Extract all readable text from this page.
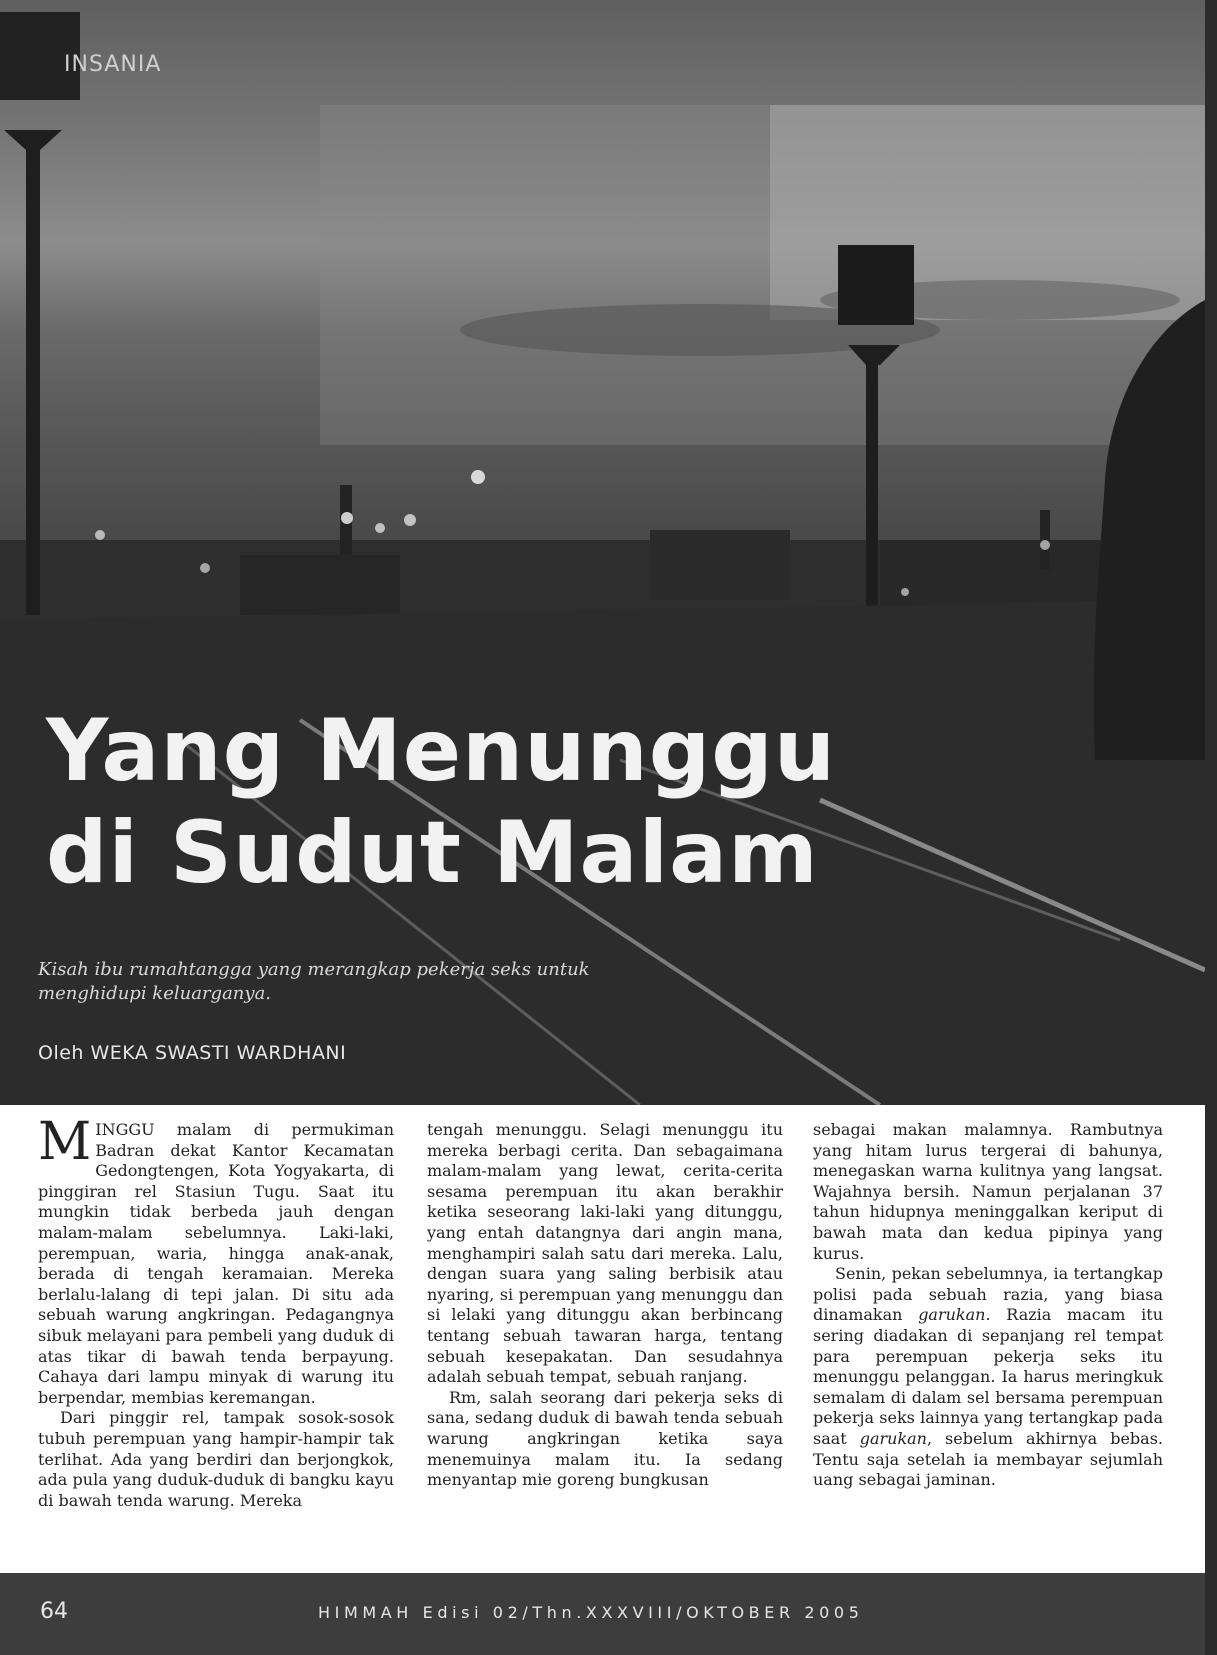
INSANIA
Yang Menunggu
di Sudut Malam

Kisah ibu rumahtangga yang merangkap pekerja seks untuk menghidupi keluarganya.

Oleh WEKA SWASTI WARDHANI

MINGGU malam di permukiman Badran dekat Kantor Kecamatan Gedongtengen, Kota Yogyakarta, di pinggiran rel Stasiun Tugu. Saat itu mungkin tidak berbeda jauh dengan malam-malam sebelumnya. Laki-laki, perempuan, waria, hingga anak-anak, berada di tengah keramaian. Mereka berlalu-lalang di tepi jalan. Di situ ada sebuah warung angkringan. Pedagangnya sibuk melayani para pembeli yang duduk di atas tikar di bawah tenda berpayung. Cahaya dari lampu minyak di warung itu berpendar, membias keremangan.

Dari pinggir rel, tampak sosok-sosok tubuh perempuan yang hampir-hampir tak terlihat. Ada yang berdiri dan berjongkok, ada pula yang duduk-duduk di bangku kayu di bawah tenda warung. Mereka

tengah menunggu. Selagi menunggu itu mereka berbagi cerita. Dan sebagaimana malam-malam yang lewat, cerita-cerita sesama perempuan itu akan berakhir ketika seseorang laki-laki yang ditunggu, yang entah datangnya dari angin mana, menghampiri salah satu dari mereka. Lalu, dengan suara yang saling berbisik atau nyaring, si perempuan yang menunggu dan si lelaki yang ditunggu akan berbincang tentang sebuah tawaran harga, tentang sebuah kesepakatan. Dan sesudahnya adalah sebuah tempat, sebuah ranjang.

Rm, salah seorang dari pekerja seks di sana, sedang duduk di bawah tenda sebuah warung angkringan ketika saya menemuinya malam itu. Ia sedang menyantap mie goreng bungkusan

sebagai makan malamnya. Rambutnya yang hitam lurus tergerai di bahunya, menegaskan warna kulitnya yang langsat. Wajahnya bersih. Namun perjalanan 37 tahun hidupnya meninggalkan keriput di bawah mata dan kedua pipinya yang kurus.

Senin, pekan sebelumnya, ia tertangkap polisi pada sebuah razia, yang biasa dinamakan garukan. Razia macam itu sering diadakan di sepanjang rel tempat para perempuan pekerja seks itu menunggu pelanggan. Ia harus meringkuk semalam di dalam sel bersama perempuan pekerja seks lainnya yang tertangkap pada saat garukan, sebelum akhirnya bebas. Tentu saja setelah ia membayar sejumlah uang sebagai jaminan.

64	HIMMAH Edisi 02/Thn.XXXVIII/OKTOBER 2005
